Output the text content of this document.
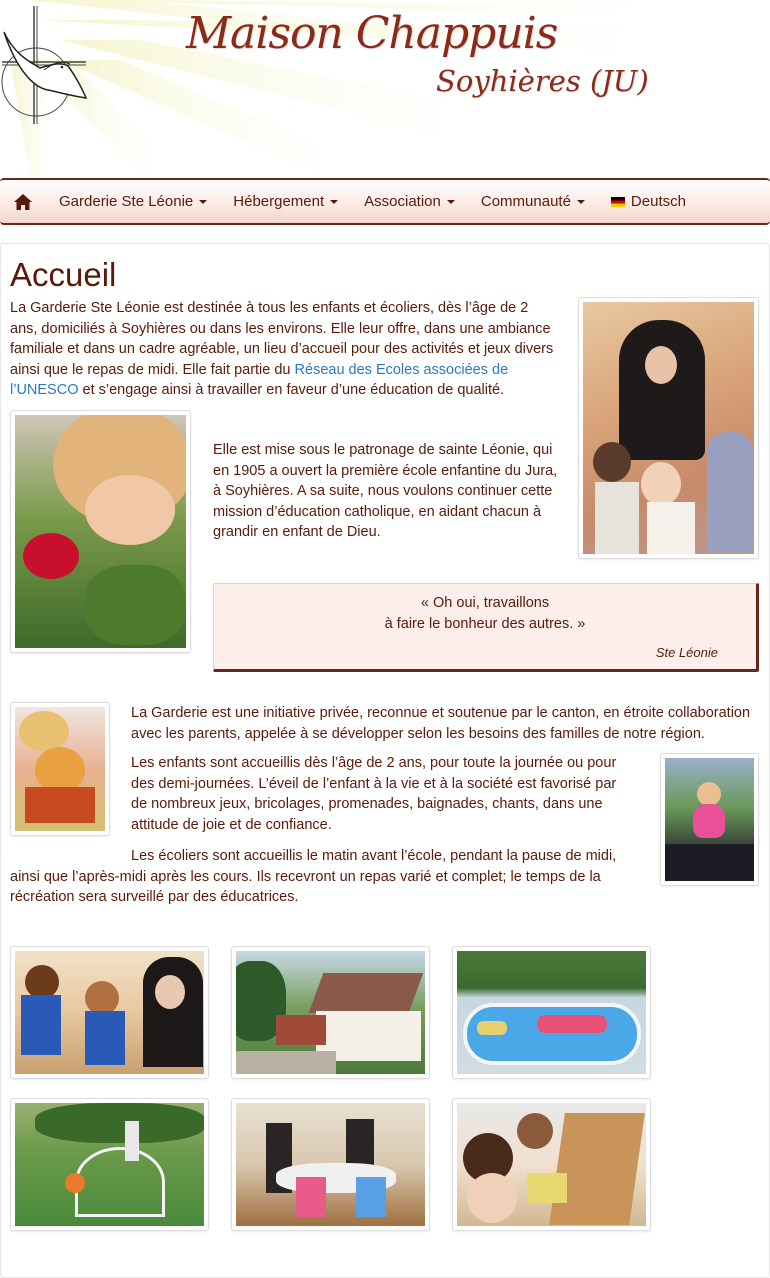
Maison Chappuis
Soyhières (JU)
Garderie Ste Léonie	Hébergement	Association	Communauté	Deutsch
Accueil

La Garderie Ste Léonie est destinée à tous les enfants et écoliers, dès l’âge de 2 ans, domiciliés à Soyhières ou dans les environs. Elle leur offre, dans une ambiance familiale et dans un cadre agréable, un lieu d’accueil pour des activités et jeux divers ainsi que le repas de midi. Elle fait partie du Réseau des Ecoles associées de l’UNESCO et s’engage ainsi à travailler en faveur d’une éducation de qualité.

Elle est mise sous le patronage de sainte Léonie, qui en 1905 a ouvert la première école enfantine du Jura, à Soyhières. A sa suite, nous voulons continuer cette mission d’éducation catholique, en aidant chacun à grandir en enfant de Dieu.

« Oh oui, travaillons
à faire le bonheur des autres. »
Ste Léonie

La Garderie est une initiative privée, reconnue et soutenue par le canton, en étroite collaboration avec les parents, appelée à se développer selon les besoins des familles de notre région.

Les enfants sont accueillis dès l’âge de 2 ans, pour toute la journée ou pour des demi-journées. L’éveil de l’enfant à la vie et à la société est favorisé par de nombreux jeux, bricolages, promenades, baignades, chants, dans une attitude de joie et de confiance.

Les écoliers sont accueillis le matin avant l’école, pendant la pause de midi, ainsi que l’après-midi après les cours. Ils recevront un repas varié et complet; le temps de la récréation sera surveillé par des éducatrices.
